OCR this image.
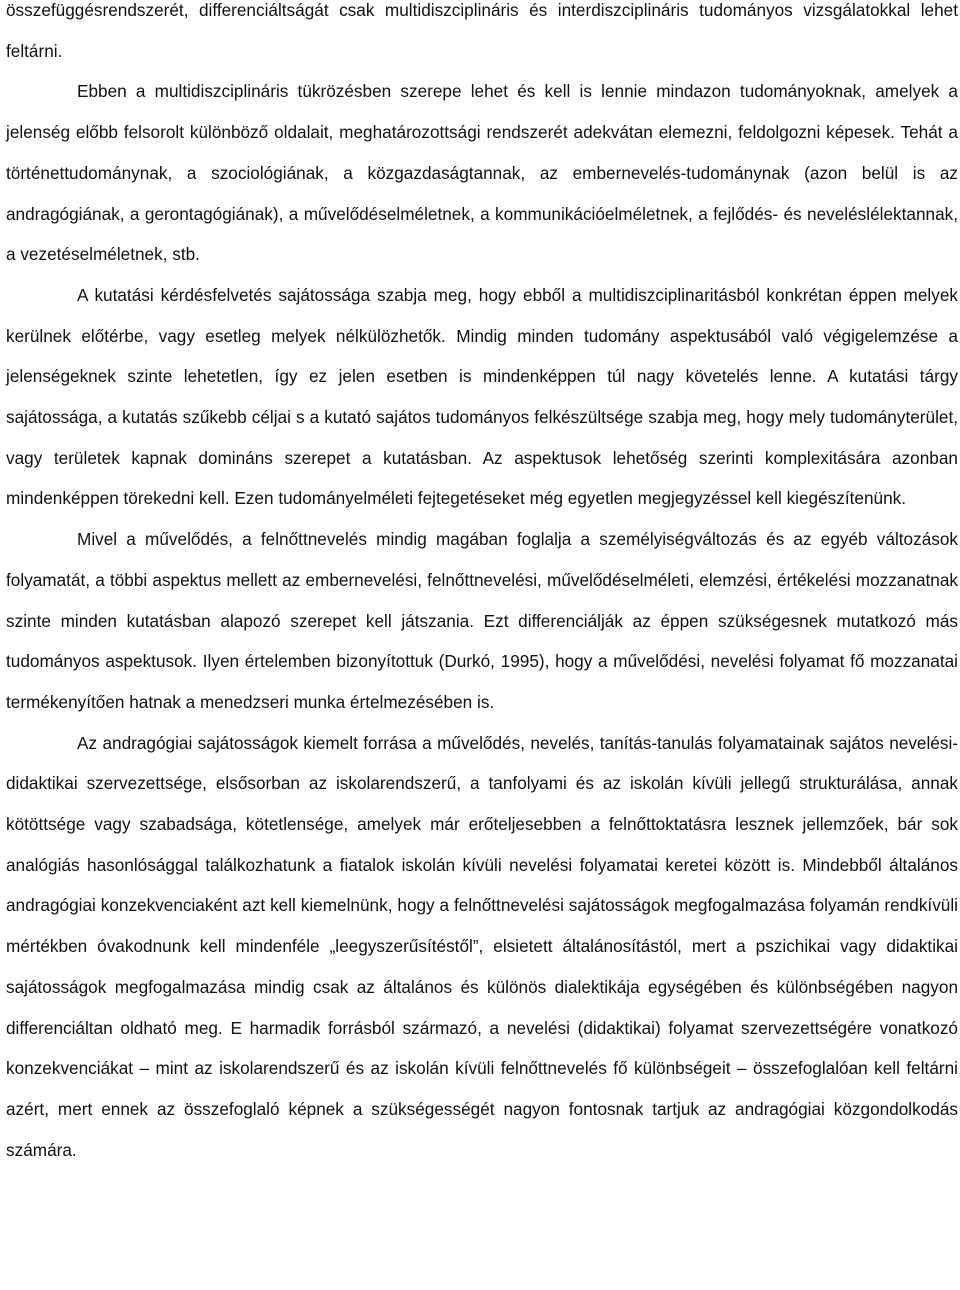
összefüggésrendszerét, differenciáltságát csak multidiszciplináris és interdiszciplináris tudományos vizsgálatokkal lehet feltárni.

Ebben a multidiszciplináris tükrözésben szerepe lehet és kell is lennie mindazon tudományoknak, amelyek a jelenség előbb felsorolt különböző oldalait, meghatározottsági rendszerét adekvátan elemezni, feldolgozni képesek. Tehát a történettudománynak, a szociológiának, a közgazdaságtannak, az embernevelés-tudománynak (azon belül is az andragógiának, a gerontagógiának), a művelődéselméletnek, a kommunikációelméletnek, a fejlődés- és neveléslélektannak, a vezetéselméletnek, stb.

A kutatási kérdésfelvetés sajátossága szabja meg, hogy ebből a multidiszciplinaritásból konkrétan éppen melyek kerülnek előtérbe, vagy esetleg melyek nélkülözhetők. Mindig minden tudomány aspektusából való végigelemzése a jelenségeknek szinte lehetetlen, így ez jelen esetben is mindenképpen túl nagy követelés lenne. A kutatási tárgy sajátossága, a kutatás szűkebb céljai s a kutató sajátos tudományos felkészültsége szabja meg, hogy mely tudományterület, vagy területek kapnak domináns szerepet a kutatásban. Az aspektusok lehetőség szerinti komplexitására azonban mindenképpen törekedni kell. Ezen tudományelméleti fejtegetéseket még egyetlen megjegyzéssel kell kiegészítenünk.

Mivel a művelődés, a felnőttnevelés mindig magában foglalja a személyiségváltozás és az egyéb változások folyamatát, a többi aspektus mellett az embernevelési, felnőttnevelési, művelődéselméleti, elemzési, értékelési mozzanatnak szinte minden kutatásban alapozó szerepet kell játszania. Ezt differenciálják az éppen szükségesnek mutatkozó más tudományos aspektusok. Ilyen értelemben bizonyítottuk (Durkó, 1995), hogy a művelődési, nevelési folyamat fő mozzanatai termékenyítően hatnak a menedzseri munka értelmezésében is.

Az andragógiai sajátosságok kiemelt forrása a művelődés, nevelés, tanítás-tanulás folyamatainak sajátos nevelési-didaktikai szervezettsége, elsősorban az iskolarendszerű, a tanfolyami és az iskolán kívüli jellegű strukturálása, annak kötöttsége vagy szabadsága, kötetlensége, amelyek már erőteljesebben a felnőttoktatásra lesznek jellemzőek, bár sok analógiás hasonlósággal találkozhatunk a fiatalok iskolán kívüli nevelési folyamatai keretei között is. Mindebből általános andragógiai konzekvenciaként azt kell kiemelnünk, hogy a felnőttnevelési sajátosságok megfogalmazása folyamán rendkívüli mértékben óvakodnunk kell mindenféle „leegyszerűsítéstől”, elsietett általánosítástól, mert a pszichikai vagy didaktikai sajátosságok megfogalmazása mindig csak az általános és különös dialektikája egységében és különbségében nagyon differenciáltan oldható meg. E harmadik forrásból származó, a nevelési (didaktikai) folyamat szervezettségére vonatkozó konzekvenciákat – mint az iskolarendszerű és az iskolán kívüli felnőttnevelés fő különbségeit – összefoglalóan kell feltárni azért, mert ennek az összefoglaló képnek a szükségességét nagyon fontosnak tartjuk az andragógiai közgondolkodás számára.
